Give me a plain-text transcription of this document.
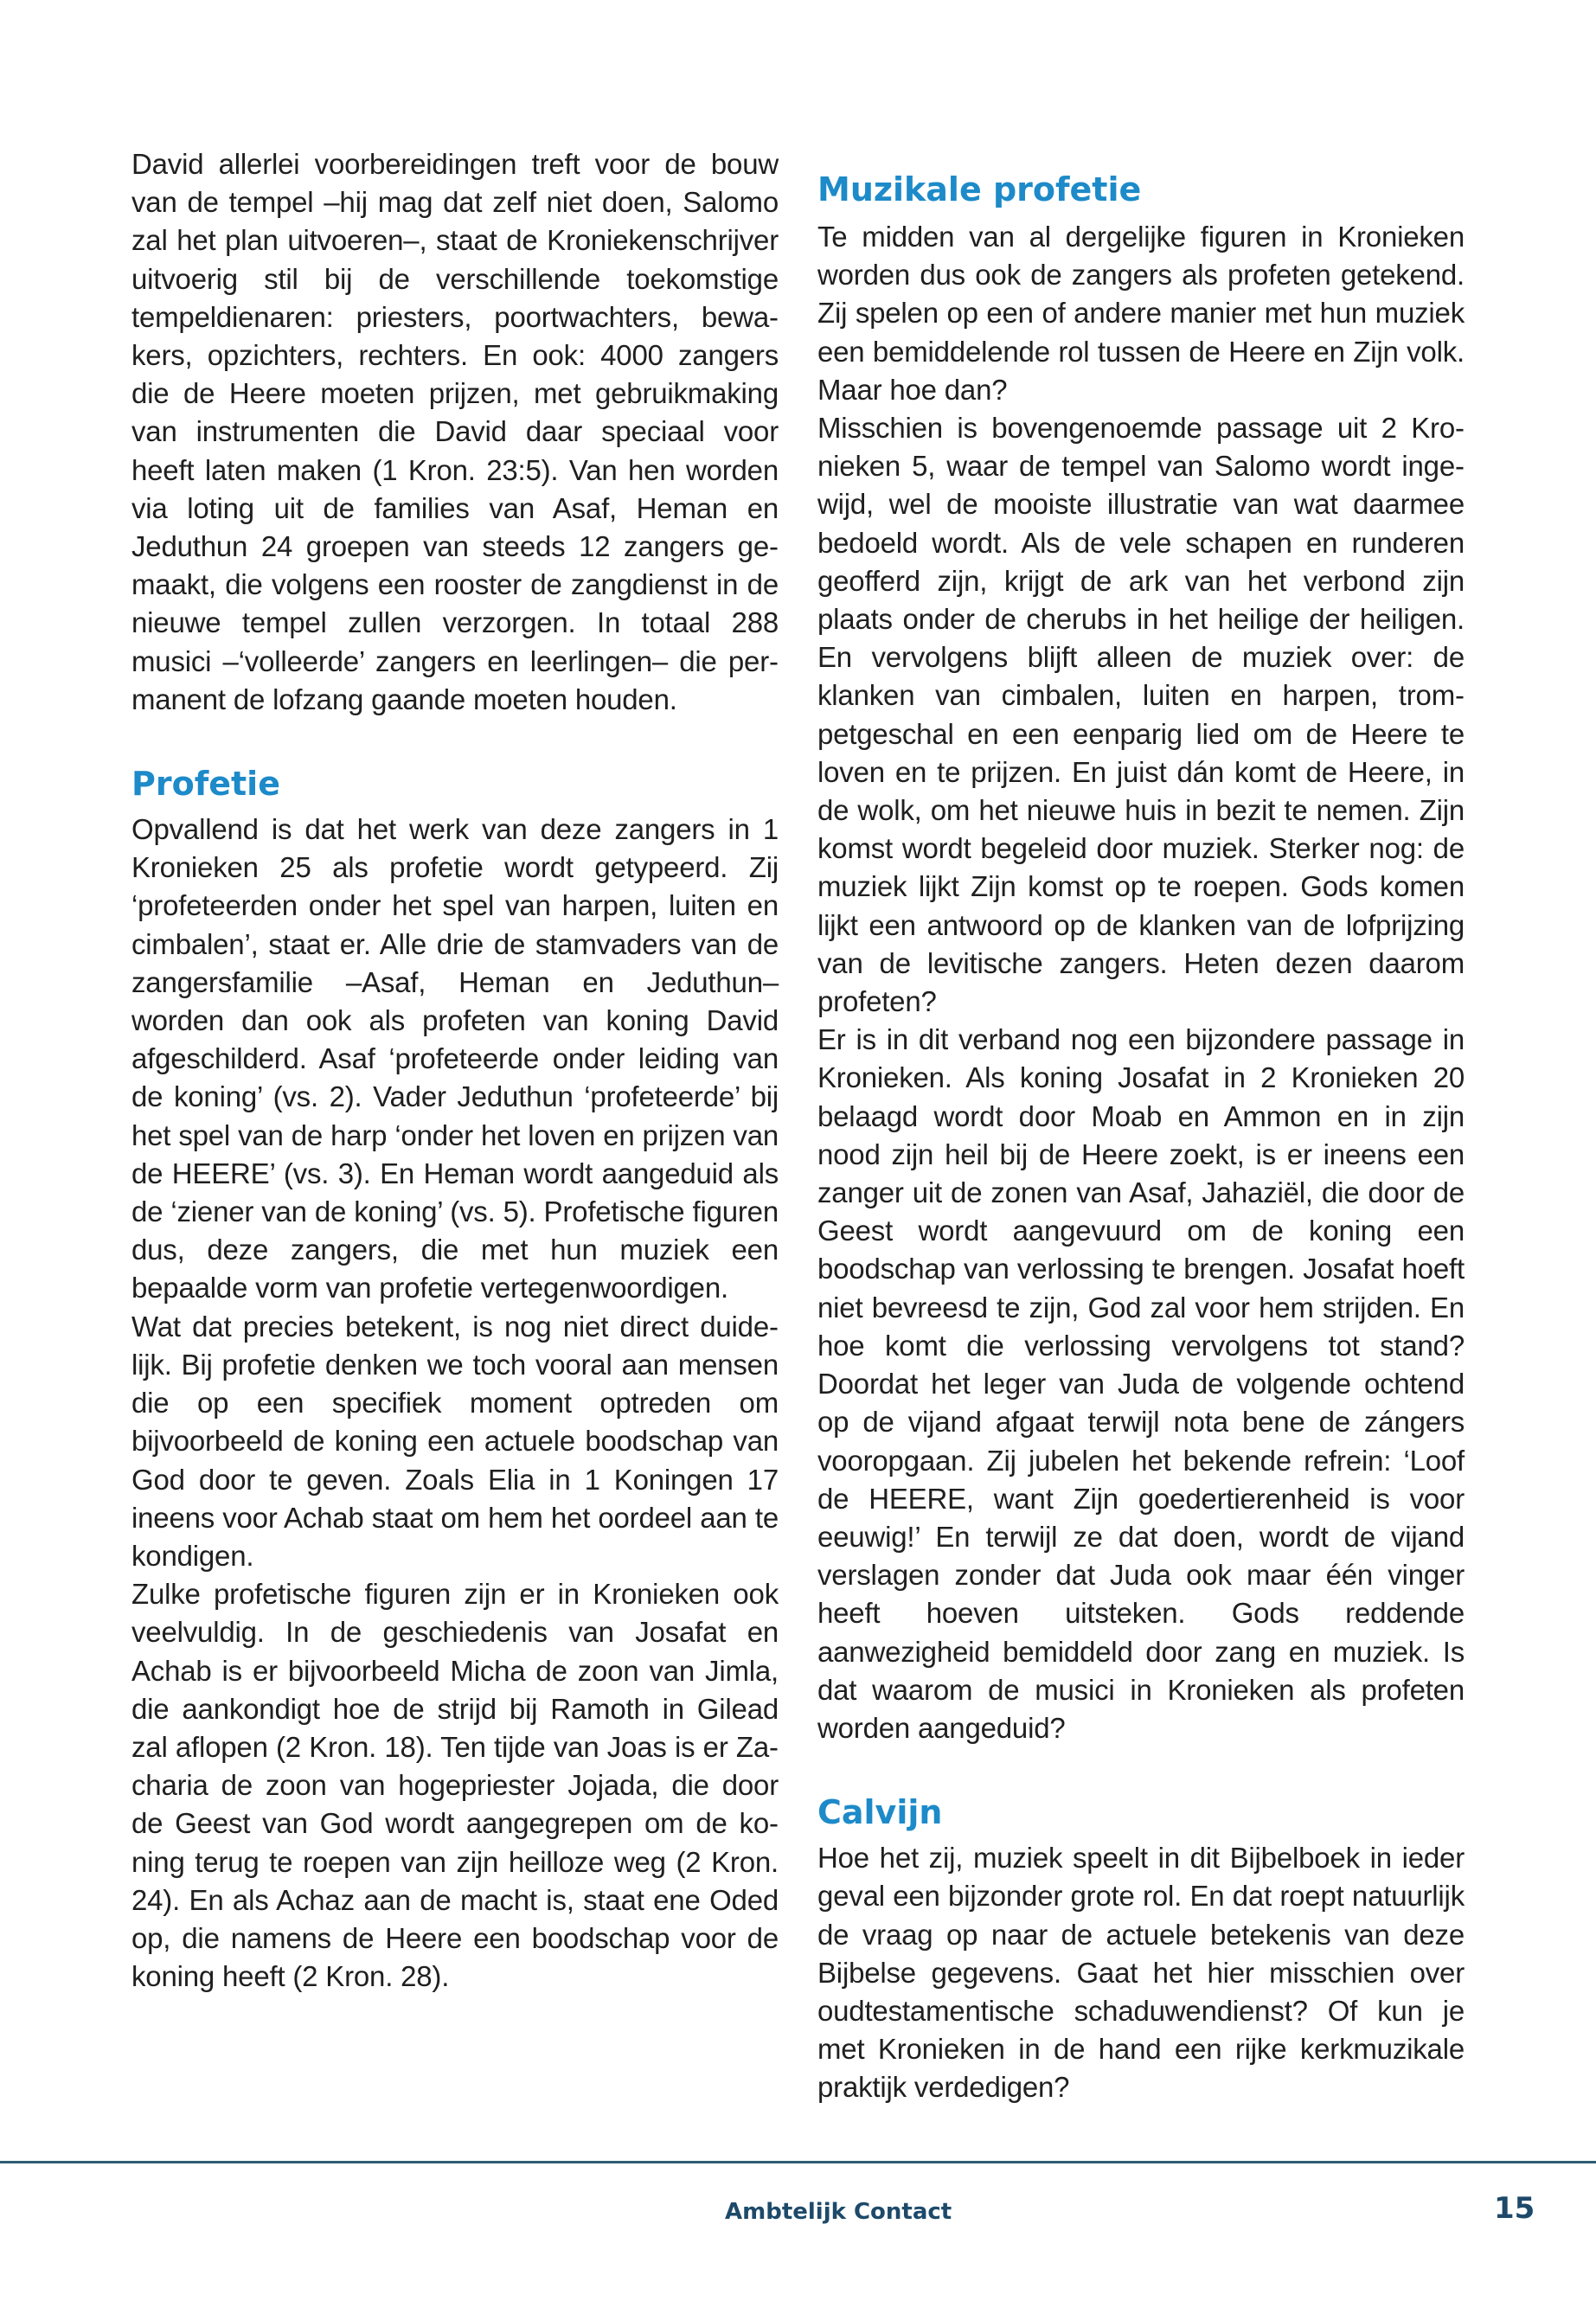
David allerlei voorbereidingen treft voor de bouw van de tempel –hij mag dat zelf niet doen, Salomo zal het plan uitvoeren–, staat de Kroniekenschrijver uitvoerig stil bij de verschillende toekomstige tempeldienaren: priesters, poortwachters, bewakers, opzichters, rechters. En ook: 4000 zangers die de Heere moeten prijzen, met gebruikmaking van instrumenten die David daar speciaal voor heeft laten maken (1 Kron. 23:5). Van hen worden via loting uit de families van Asaf, Heman en Jeduthun 24 groepen van steeds 12 zangers gemaakt, die volgens een rooster de zangdienst in de nieuwe tempel zullen verzorgen. In totaal 288 musici –‘volleerde’ zangers en leerlingen– die permanent de lofzang gaande moeten houden.

Profetie

Opvallend is dat het werk van deze zangers in 1 Kronieken 25 als profetie wordt getypeerd. Zij ‘profeteerden onder het spel van harpen, luiten en cimbalen’, staat er. Alle drie de stamvaders van de zangersfamilie –Asaf, Heman en Jeduthun– worden dan ook als profeten van koning David afgeschilderd. Asaf ‘profeteerde onder leiding van de koning’ (vs. 2). Vader Jeduthun ‘profeteerde’ bij het spel van de harp ‘onder het loven en prijzen van de HEERE’ (vs. 3). En Heman wordt aangeduid als de ‘ziener van de koning’ (vs. 5). Profetische figuren dus, deze zangers, die met hun muziek een bepaalde vorm van profetie vertegenwoordigen.

Wat dat precies betekent, is nog niet direct duidelijk. Bij profetie denken we toch vooral aan mensen die op een specifiek moment optreden om bijvoorbeeld de koning een actuele boodschap van God door te geven. Zoals Elia in 1 Koningen 17 ineens voor Achab staat om hem het oordeel aan te kondigen.

Zulke profetische figuren zijn er in Kronieken ook veelvuldig. In de geschiedenis van Josafat en Achab is er bijvoorbeeld Micha de zoon van Jimla, die aankondigt hoe de strijd bij Ramoth in Gilead zal aflopen (2 Kron. 18). Ten tijde van Joas is er Zacharia de zoon van hogepriester Jojada, die door de Geest van God wordt aangegrepen om de koning terug te roepen van zijn heilloze weg (2 Kron. 24). En als Achaz aan de macht is, staat ene Oded op, die namens de Heere een boodschap voor de koning heeft (2 Kron. 28).

Muzikale profetie

Te midden van al dergelijke figuren in Kronieken worden dus ook de zangers als profeten getekend. Zij spelen op een of andere manier met hun muziek een bemiddelende rol tussen de Heere en Zijn volk. Maar hoe dan?

Misschien is bovengenoemde passage uit 2 Kronieken 5, waar de tempel van Salomo wordt ingewijd, wel de mooiste illustratie van wat daarmee bedoeld wordt. Als de vele schapen en runderen geofferd zijn, krijgt de ark van het verbond zijn plaats onder de cherubs in het heilige der heiligen. En vervolgens blijft alleen de muziek over: de klanken van cimbalen, luiten en harpen, trompetgeschal en een eenparig lied om de Heere te loven en te prijzen. En juist dán komt de Heere, in de wolk, om het nieuwe huis in bezit te nemen. Zijn komst wordt begeleid door muziek. Sterker nog: de muziek lijkt Zijn komst op te roepen. Gods komen lijkt een antwoord op de klanken van de lofprijzing van de levitische zangers. Heten dezen daarom profeten?

Er is in dit verband nog een bijzondere passage in Kronieken. Als koning Josafat in 2 Kronieken 20 belaagd wordt door Moab en Ammon en in zijn nood zijn heil bij de Heere zoekt, is er ineens een zanger uit de zonen van Asaf, Jahaziël, die door de Geest wordt aangevuurd om de koning een boodschap van verlossing te brengen. Josafat hoeft niet bevreesd te zijn, God zal voor hem strijden. En hoe komt die verlossing vervolgens tot stand? Doordat het leger van Juda de volgende ochtend op de vijand afgaat terwijl nota bene de zángers vooropgaan. Zij jubelen het bekende refrein: ‘Loof de HEERE, want Zijn goedertierenheid is voor eeuwig!’ En terwijl ze dat doen, wordt de vijand verslagen zonder dat Juda ook maar één vinger heeft hoeven uitsteken. Gods reddende aanwezigheid bemiddeld door zang en muziek. Is dat waarom de musici in Kronieken als profeten worden aangeduid?

Calvijn

Hoe het zij, muziek speelt in dit Bijbelboek in ieder geval een bijzonder grote rol. En dat roept natuurlijk de vraag op naar de actuele betekenis van deze Bijbelse gegevens. Gaat het hier misschien over oudtestamentische schaduwendienst? Of kun je met Kronieken in de hand een rijke kerkmuzikale praktijk verdedigen?

Ambtelijk Contact	15
